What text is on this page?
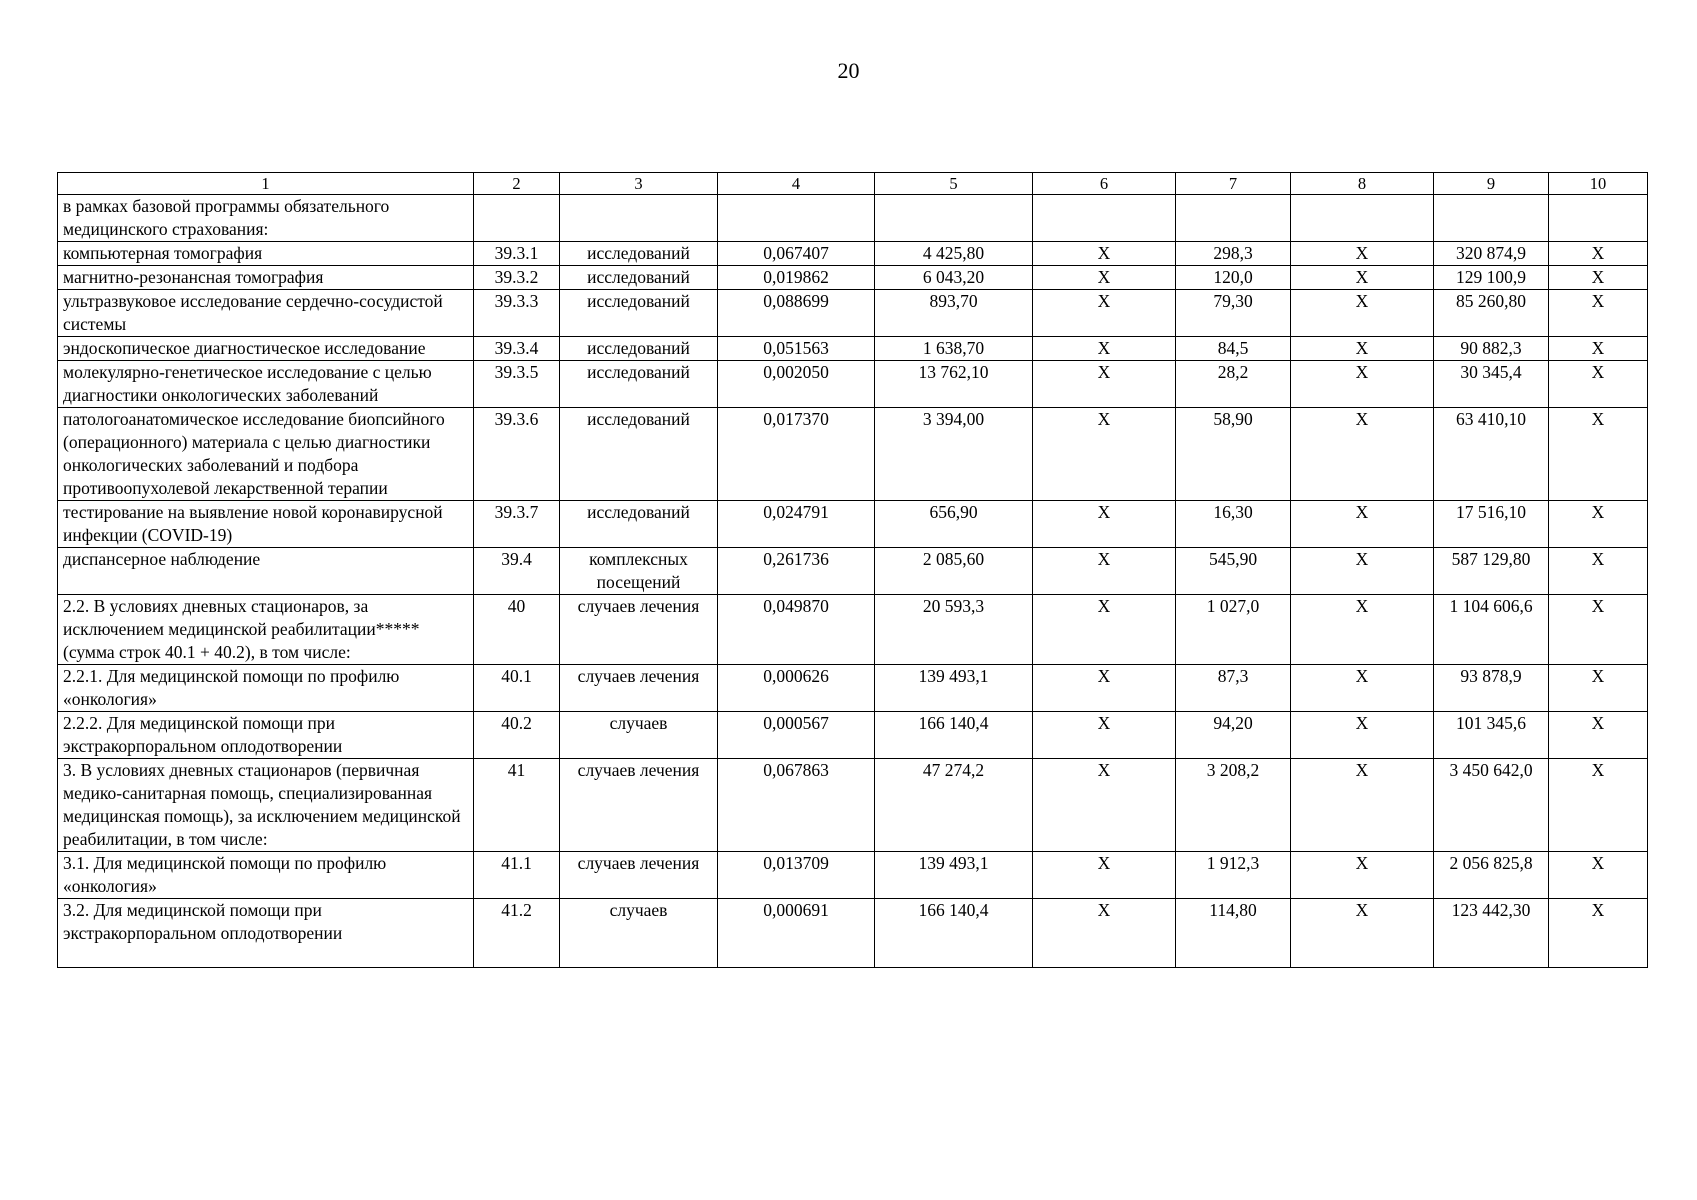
20
1	2	3	4	5	6	7	8	9	10
в рамках базовой программы обязательного медицинского страхования:									
компьютерная томография	39.3.1	исследований	0,067407	4 425,80	X	298,3	X	320 874,9	X
магнитно-резонансная томография	39.3.2	исследований	0,019862	6 043,20	X	120,0	X	129 100,9	X
ультразвуковое исследование сердечно-сосудистой системы	39.3.3	исследований	0,088699	893,70	X	79,30	X	85 260,80	X
эндоскопическое диагностическое исследование	39.3.4	исследований	0,051563	1 638,70	X	84,5	X	90 882,3	X
молекулярно-генетическое исследование с целью диагностики онкологических заболеваний	39.3.5	исследований	0,002050	13 762,10	X	28,2	X	30 345,4	X
патологоанатомическое исследование биопсийного (операционного) материала с целью диагностики онкологических заболеваний и подбора противоопухолевой лекарственной терапии	39.3.6	исследований	0,017370	3 394,00	X	58,90	X	63 410,10	X
тестирование на выявление новой коронавирусной инфекции (COVID-19)	39.3.7	исследований	0,024791	656,90	X	16,30	X	17 516,10	X
диспансерное наблюдение	39.4	комплексных посещений	0,261736	2 085,60	X	545,90	X	587 129,80	X
2.2. В условиях дневных стационаров, за исключением медицинской реабилитации***** (сумма строк 40.1 + 40.2), в том числе:	40	случаев лечения	0,049870	20 593,3	X	1 027,0	X	1 104 606,6	X
2.2.1. Для медицинской помощи по профилю «онкология»	40.1	случаев лечения	0,000626	139 493,1	X	87,3	X	93 878,9	X
2.2.2. Для медицинской помощи при экстракорпоральном оплодотворении	40.2	случаев	0,000567	166 140,4	X	94,20	X	101 345,6	X
3. В условиях дневных стационаров (первичная медико-санитарная помощь, специализированная медицинская помощь), за исключением медицинской реабилитации, в том числе:	41	случаев лечения	0,067863	47 274,2	X	3 208,2	X	3 450 642,0	X
3.1. Для медицинской помощи по профилю «онкология»	41.1	случаев лечения	0,013709	139 493,1	X	1 912,3	X	2 056 825,8	X
3.2. Для медицинской помощи при экстракорпоральном оплодотворении	41.2	случаев	0,000691	166 140,4	X	114,80	X	123 442,30	X
